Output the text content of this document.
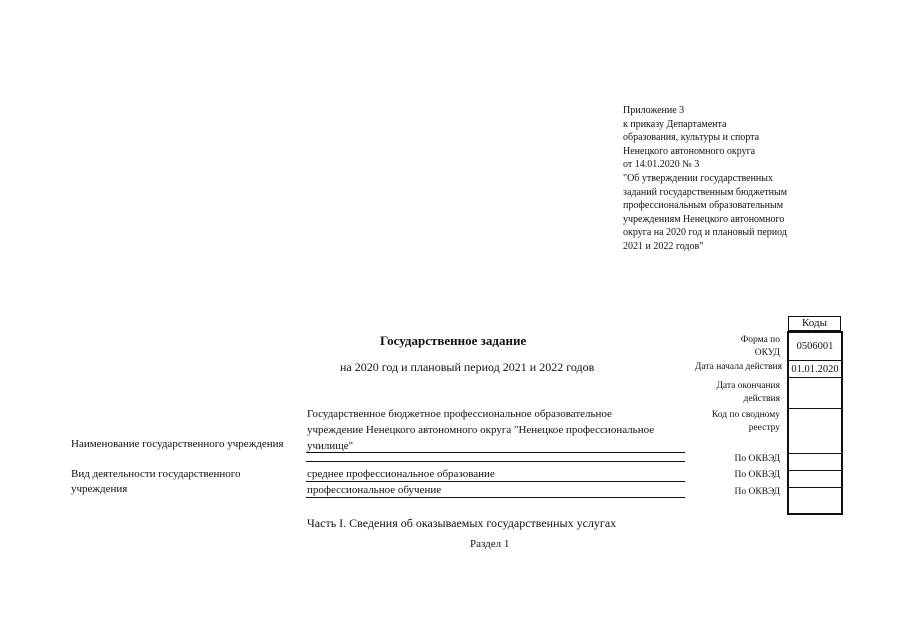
Приложение 3
к приказу Департамента
образования, культуры и спорта
Ненецкого автономного округа
от 14.01.2020 № 3
"Об утверждении государственных
заданий государственным бюджетным
профессиональным образовательным
учреждениям Ненецкого автономного
округа на 2020 год и плановый период
2021 и 2022 годов"
Государственное задание
на 2020 год и плановый период 2021 и 2022 годов
Коды
0506001
01.01.2020
Форма по
ОКУД
Дата начала действия
Дата окончания
действия
Код по сводному
реестру
По ОКВЭД
По ОКВЭД
По ОКВЭД
Наименование государственного учреждения
Государственное бюджетное профессиональное образовательное
учреждение Ненецкого автономного округа "Ненецкое профессиональное
училище"
Вид деятельности государственного
учреждения
среднее профессиональное образование
профессиональное обучение
Часть I. Сведения об оказываемых государственных услугах
Раздел 1
